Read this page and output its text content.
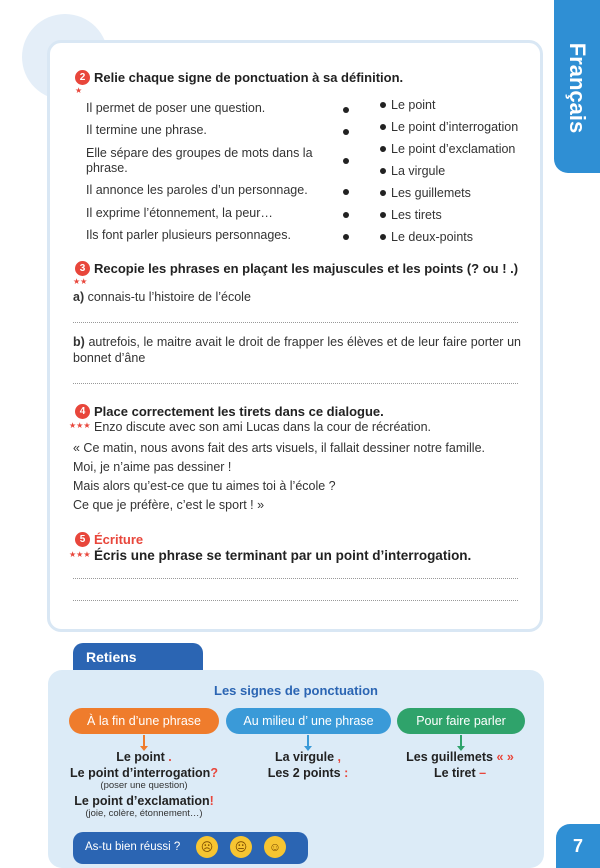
Français
2
★
Relie chaque signe de ponctuation à sa définition.
Il permet de poser une question.
Il termine une phrase.
Elle sépare des groupes de mots dans la phrase.
Il annonce les paroles d’un personnage.
Il exprime l’étonnement, la peur…
Ils font parler plusieurs personnages.
Le point
Le point d’interrogation
Le point d’exclamation
La virgule
Les guillemets
Les tirets
Le deux-points
3
★★
Recopie les phrases en plaçant les majuscules et les points (? ou ! .)
a) connais-tu l’histoire de l’école
b) autrefois, le maitre avait le droit de frapper les élèves et de leur faire porter un bonnet d’âne
4 Place correctement les tirets dans ce dialogue.
★★★ Enzo discute avec son ami Lucas dans la cour de récréation.
« Ce matin, nous avons fait des arts visuels, il fallait dessiner notre famille.
Moi, je n’aime pas dessiner !
Mais alors qu’est-ce que tu aimes toi à l’école ?
Ce que je préfère, c’est le sport ! »
5 Écriture
★★★ Écris une phrase se terminant par un point d’interrogation.
Retiens
Les signes de ponctuation
À la fin d’une phrase	Au milieu d’ une phrase	Pour faire parler
Le point .
Le point d’interrogation?
(poser une question)
Le point d’exclamation!
(joie, colère, étonnement…)
La virgule ,
Les 2 points :
Les guillemets « »
Le tiret –
As-tu bien réussi ?	☹	😐	☺	7
